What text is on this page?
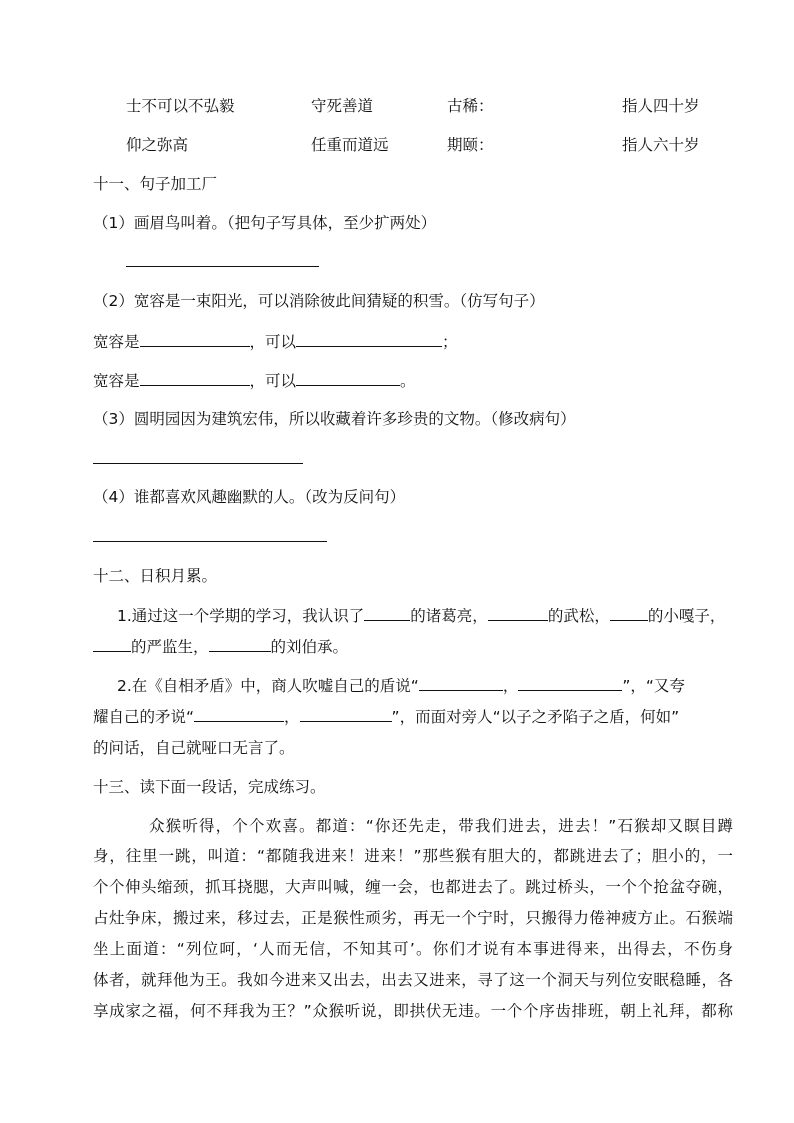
士不可以不弘毅	守死善道	古稀：	指人四十岁
仰之弥高	任重而道远	期颐：	指人六十岁
十一、句子加工厂
（1）画眉鸟叫着。（把句子写具体，至少扩两处）
（2）宽容是一束阳光，可以消除彼此间猜疑的积雪。（仿写句子）
宽容是	，可以	；
宽容是	，可以	。
（3）圆明园因为建筑宏伟，所以收藏着许多珍贵的文物。（修改病句）
（4）谁都喜欢风趣幽默的人。（改为反问句）
十二、日积月累。
1.通过这一个学期的学习，我认识了	的诸葛亮，	的武松， 的小嘎子，
的严监生，	的刘伯承。
2.在《自相矛盾》中，商人吹嘘自己的盾说“	，	”，“又夸
耀自己的矛说“	，	”，而面对旁人“以子之矛陷子之盾，何如”
的问话，自己就哑口无言了。
十三、读下面一段话，完成练习。
众猴听得，个个欢喜。都道：“你还先走，带我们进去，进去！”石猴却又瞑目蹲
身，往里一跳，叫道：“都随我进来！进来！”那些猴有胆大的，都跳进去了；胆小的，一
个个伸头缩颈，抓耳挠腮，大声叫喊，缠一会，也都进去了。跳过桥头，一个个抢盆夺碗，
占灶争床，搬过来，移过去，正是猴性顽劣，再无一个宁时，只搬得力倦神疲方止。石猴端
坐上面道：“列位呵，‘人而无信，不知其可’。你们才说有本事进得来，出得去，不伤身
体者，就拜他为王。我如今进来又出去，出去又进来，寻了这一个洞天与列位安眠稳睡，各
享成家之福，何不拜我为王？”众猴听说，即拱伏无违。一个个序齿排班，朝上礼拜，都称
